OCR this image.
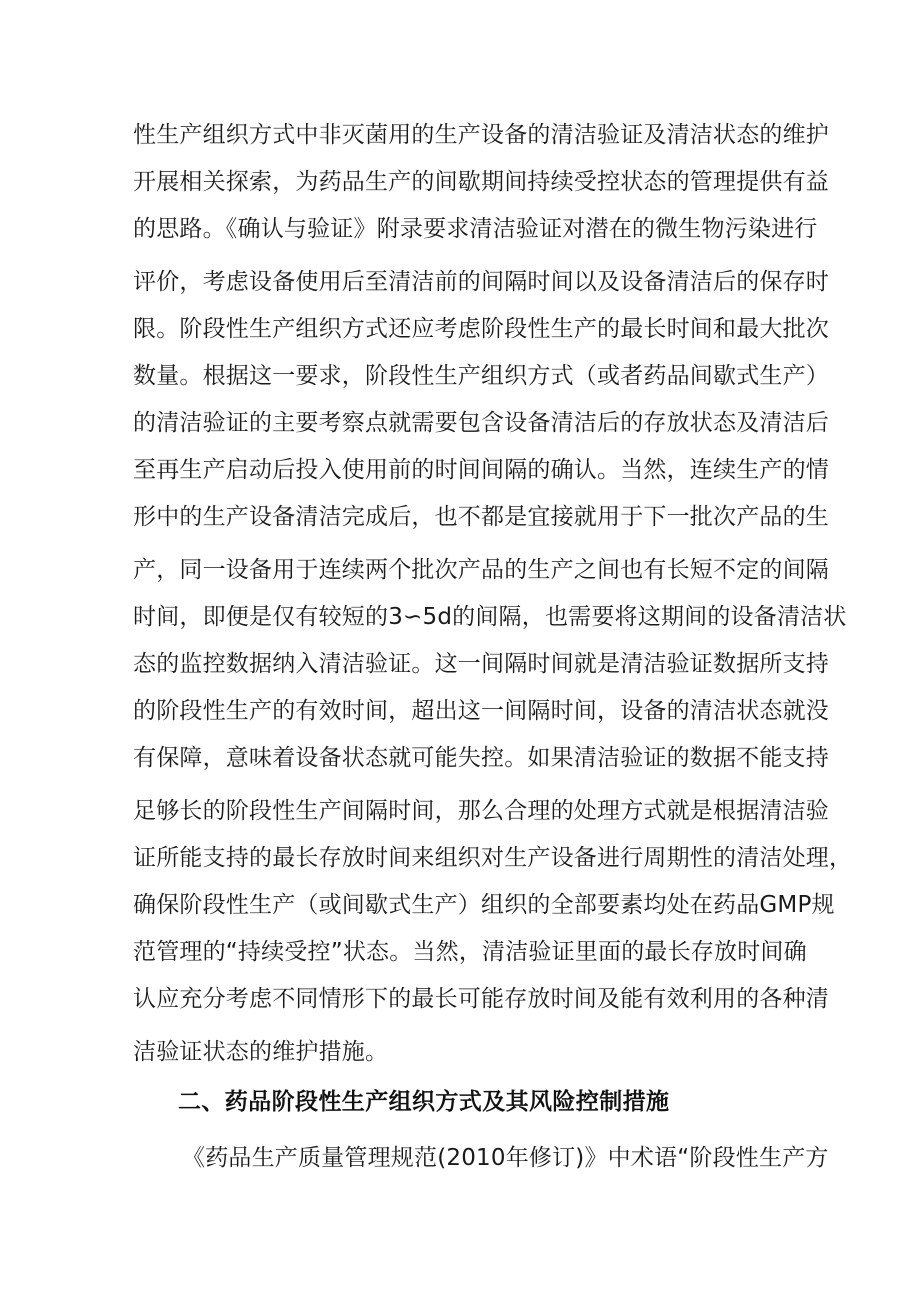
性生产组织方式中非灭菌用的生产设备的清洁验证及清洁状态的维护
开展相关探索，为药品生产的间歇期间持续受控状态的管理提供有益
的思路。《确认与验证》附录要求清洁验证对潜在的微生物污染进行
评价，考虑设备使用后至清洁前的间隔时间以及设备清洁后的保存时
限。阶段性生产组织方式还应考虑阶段性生产的最长时间和最大批次
数量。根据这一要求，阶段性生产组织方式（或者药品间歇式生产）
的清洁验证的主要考察点就需要包含设备清洁后的存放状态及清洁后
至再生产启动后投入使用前的时间间隔的确认。当然，连续生产的情
形中的生产设备清洁完成后，也不都是宜接就用于下一批次产品的生
产，同一设备用于连续两个批次产品的生产之间也有长短不定的间隔
时间，即便是仅有较短的3∽5d的间隔，也需要将这期间的设备清洁状
态的监控数据纳入清洁验证。这一间隔时间就是清洁验证数据所支持
的阶段性生产的有效时间，超出这一间隔时间，设备的清洁状态就没
有保障，意味着设备状态就可能失控。如果清洁验证的数据不能支持
足够长的阶段性生产间隔时间，那么合理的处理方式就是根据清洁验
证所能支持的最长存放时间来组织对生产设备进行周期性的清洁处理，
确保阶段性生产（或间歇式生产）组织的全部要素均处在药品GMP规
范管理的“持续受控”状态。当然，清洁验证里面的最长存放时间确
认应充分考虑不同情形下的最长可能存放时间及能有效利用的各种清
洁验证状态的维护措施。
二、药品阶段性生产组织方式及其风险控制措施
《药品生产质量管理规范(2010年修订)》中术语“阶段性生产方
